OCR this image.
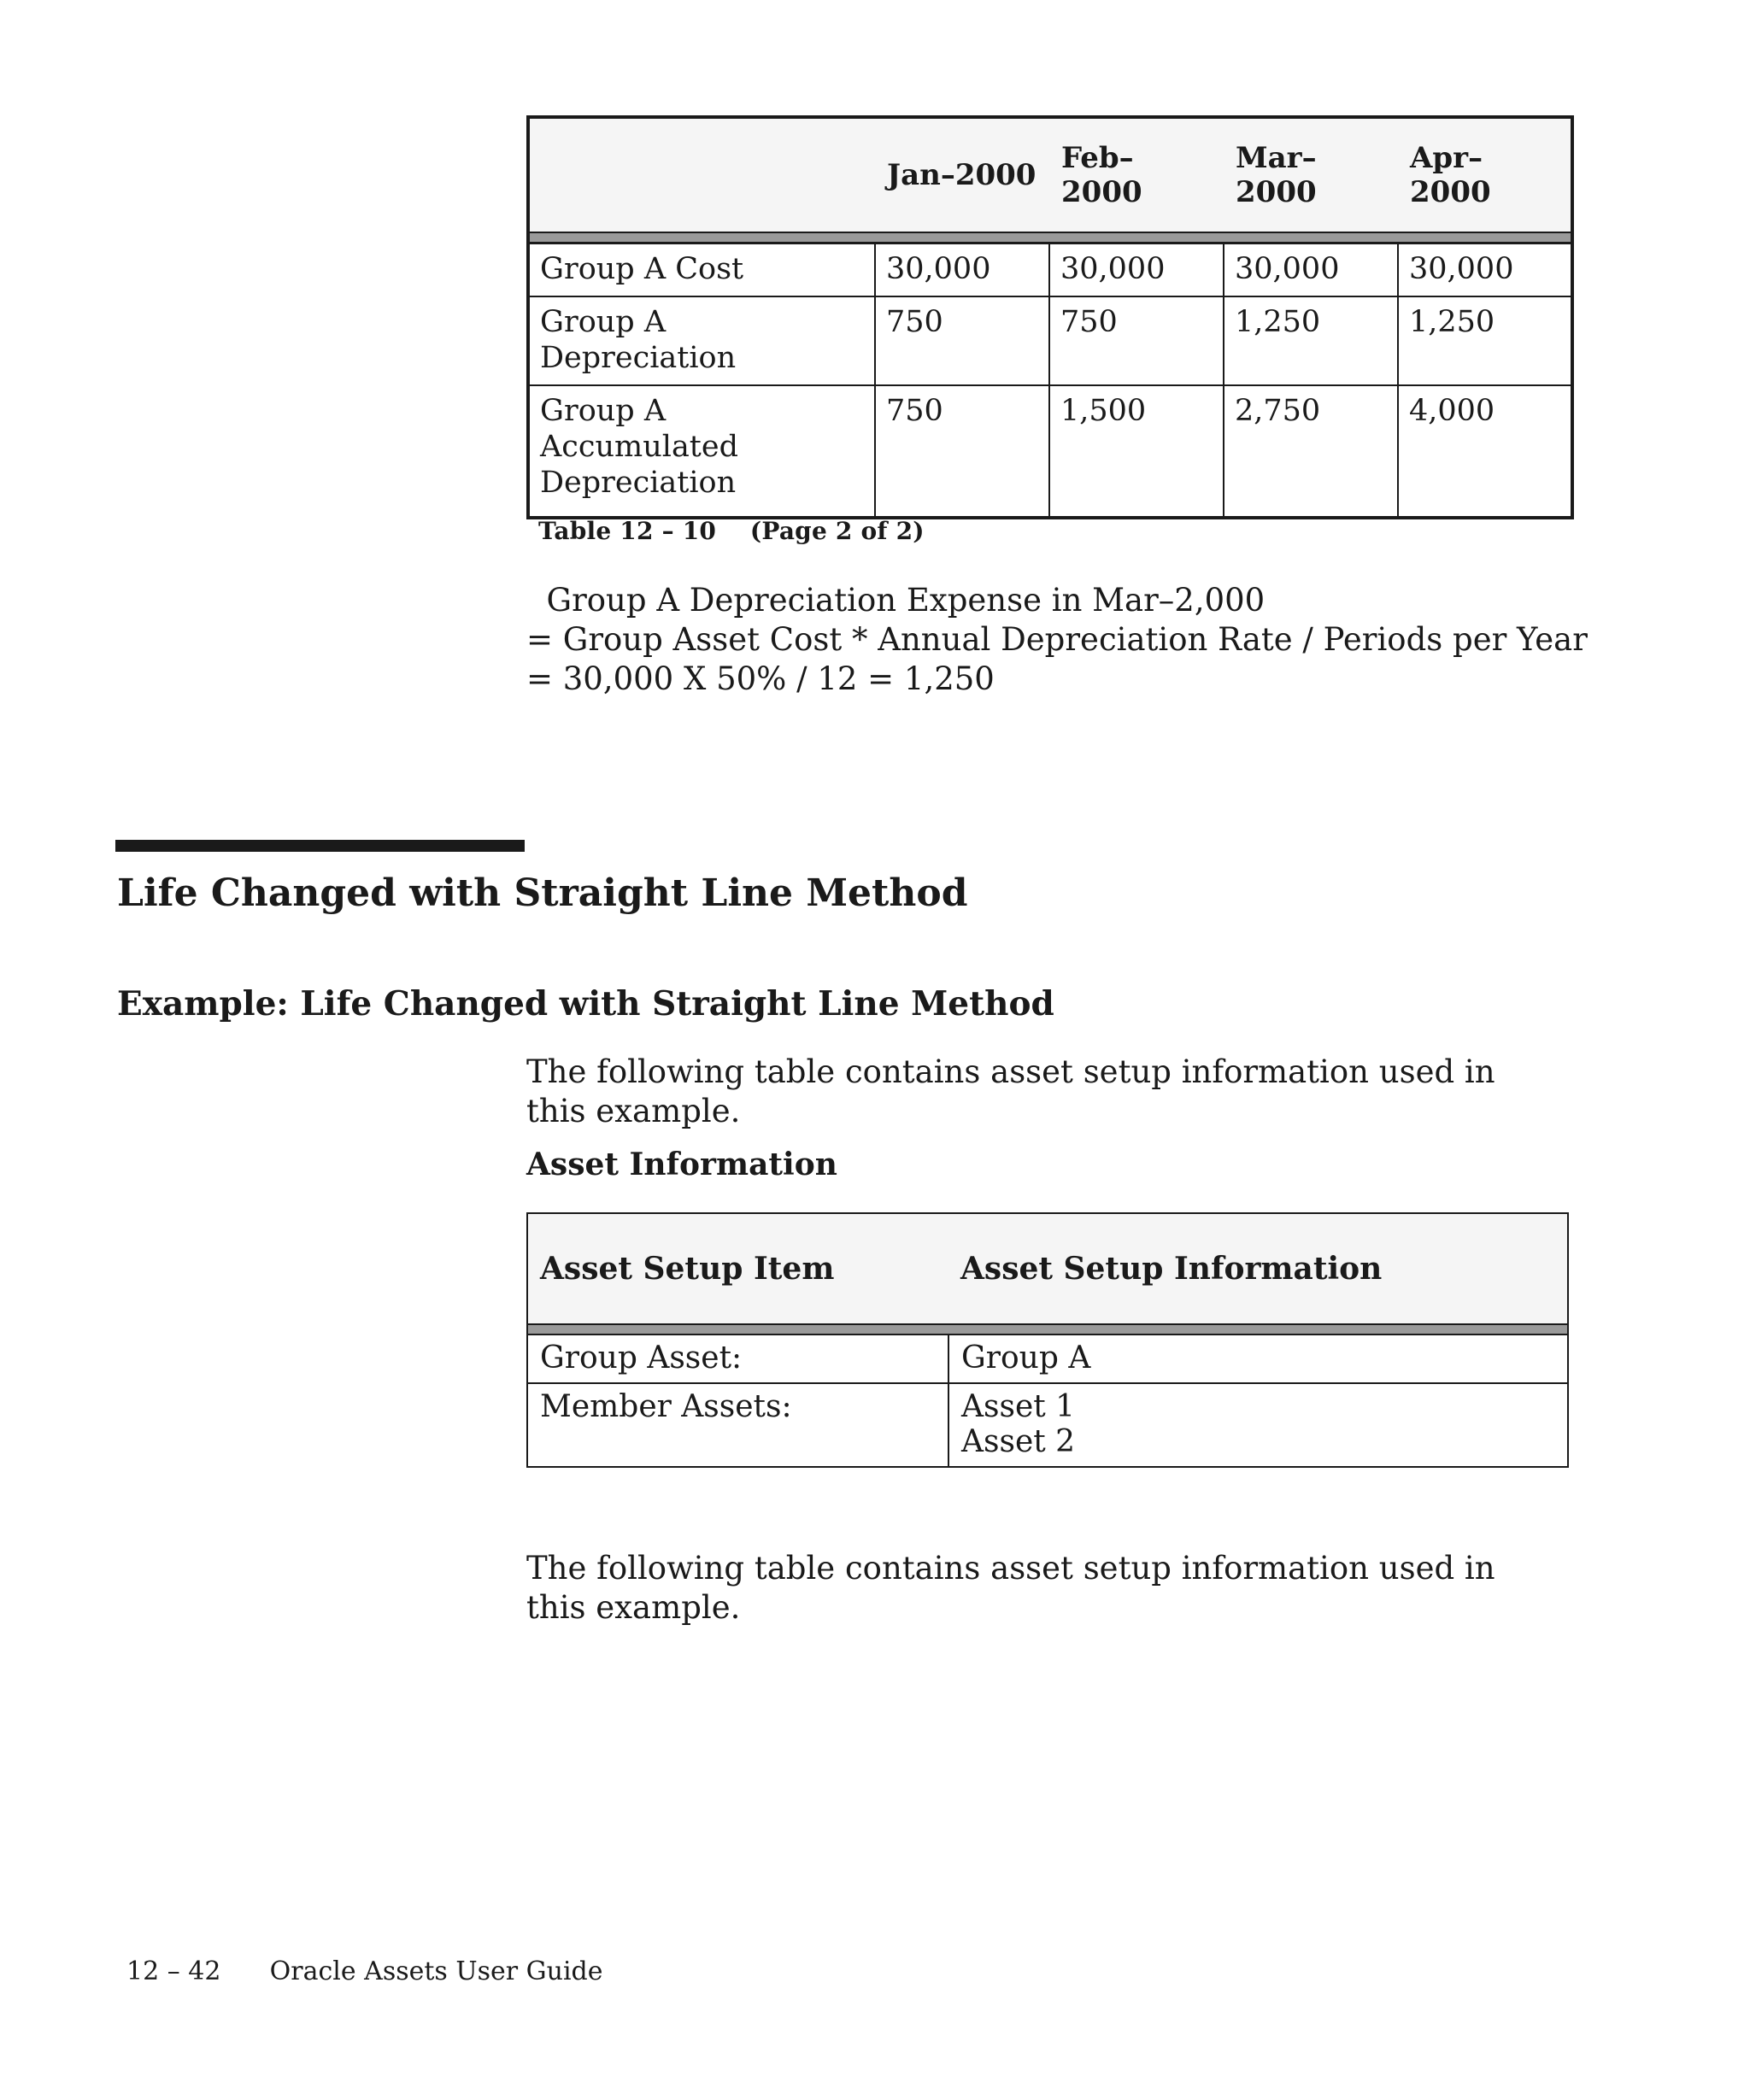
	Jan–2000	Feb–2000	Mar–2000	Apr–2000

Group A Cost	30,000	30,000	30,000	30,000
Group A Depreciation	750	750	1,250	1,250
Group A Accumulated Depreciation	750	1,500	2,750	4,000
Table 12 – 10    (Page 2 of 2)
Group A Depreciation Expense in Mar–2,000
= Group Asset Cost * Annual Depreciation Rate / Periods per Year
= 30,000 X 50% / 12 = 1,250
Life Changed with Straight Line Method
Example: Life Changed with Straight Line Method

The following table contains asset setup information used in this example.

Asset Information
Asset Setup Item	Asset Setup Information

Group Asset:	Group A

Member Assets:	Asset 1
Asset 2

The following table contains asset setup information used in this example.

12 – 42 Oracle Assets User Guide
